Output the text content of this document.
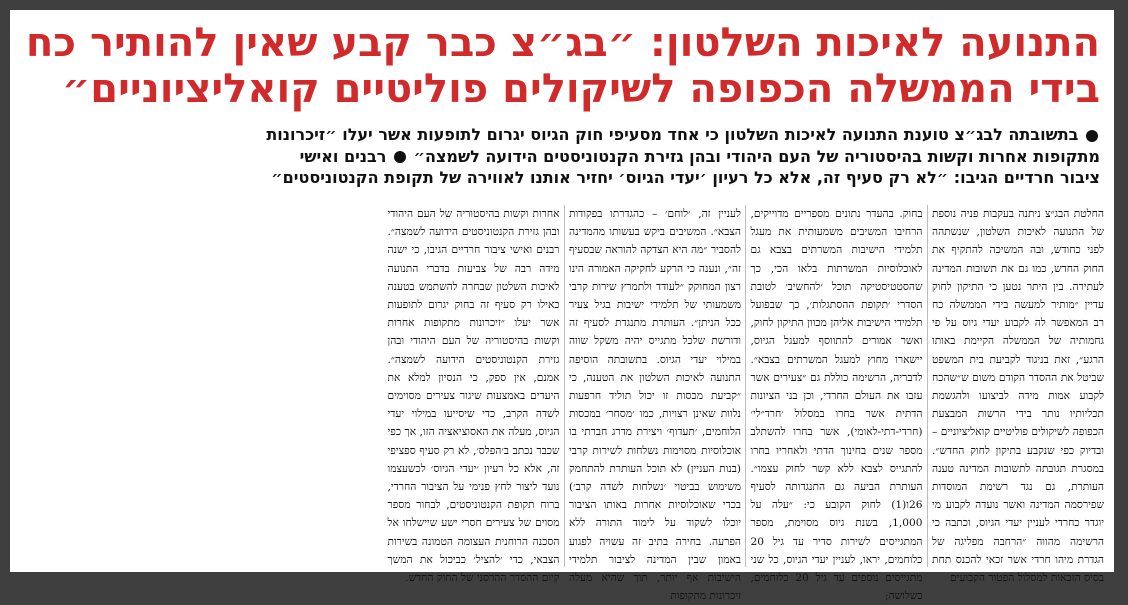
התנועה לאיכות השלטון: ״בג״צ כבר קבע שאין להותיר כח
בידי הממשלה הכפופה לשיקולים פוליטיים קואליציוניים״
בתשובתה לבג״צ טוענת התנועה לאיכות השלטון כי אחד מסעיפי חוק הגיוס יגרום לתופעות אשר יעלו ״זיכרונות
מתקופות אחרות וקשות בהיסטוריה של העם היהודי ובהן גזירת הקנטוניסטים הידועה לשמצה״  רבנים ואישי
ציבור חרדיים הגיבו: ״לא רק סעיף זה, אלא כל רעיון ׳יעדי הגיוס׳ יחזיר אותנו לאווירה של תקופת הקנטוניסטים״

החלטת הבג״צ ניתנה בעקבות פניה נוספת של התנועה לאיכות השלטון, שנשתהה לפני כחודש, ובה המשיכה להתקיף את החוק החדש, כמו גם את תשובות המדינה לעתירה. בין היתר נטען כי התיקון לחוק עדיין ״מותיר למעשה בידי הממשלה כח רב המאפשר לה לקבוע יעדי גיוס על פי גחמותיה של הממשלה הקיימת באותו הרגע״, זאת בניגוד לקביעת בית המשפט שביטל את ההסדר הקודם משום ש״שהכח לקבוע אמות מידה לביצועו ולהגשמת תכליותיו נותר בידי הרשות המבצעת הכפופה לשיקולים פוליטיים קואליציוניים – ובדיוק כפי שנקבע בתיקון לחוק החדש״. במסגרת תגובתה לתשובות המדינה טענה העותרת, גם נגד רשימת המוסדות שפירסמה המדינה ואשר נועדה לקבוע מי יוגדר כחרדי לעניין יעדי הגיוס, וכתבה כי הרשימה מהווה ״הרחבה מפליגה של הגדרת מיהו חרדי אשר זכאי להכנס תחת בסיס הזכאות למסלול הפטור הקבועים

בחוק. בהעדר נתונים מספריים מדוייקים, הרחיבו המשיבים משמעותית את מעגל תלמידי הישיבות המשרתים בצבא גם לאוכלוסיות המשרתות בלאו הכי, כך שהסטטיסטיקה תוכל ׳להחשיב׳ לטובת הסדרי ׳תקופת ההסתגלות׳, כך שבפועל תלמידי הישיבות אליהן מכוון התיקון לחוק, ואשר אמורים להתווסף למעגל הגיוס, יישארו מחוץ למעגל המשרתים בצבא״. לדבריה, הרשימה כוללת גם ״צעירים אשר עזבו את העולם החרדי, וכן בני הציונות הדתית אשר בחרו במסלול ׳חרד״לי׳ (חרדי-דתי-לאומי), אשר בחרו להשתלב מספר שנים בחינוך הדתי ולאחריו בחרו להתגייס לצבא ללא קשר לחוק עצמו״. העותרת הביעה גם התנגדותה לסעיף 26ו(1) לחוק הקובע כי: ״עלה על 1,000, בשנת גיוס מסוימת, מספר המתגייסים לשירות סדיר עד גיל 20 כלוחמים, יראו, לעניין יעדי הגיוס, כל שני מתגייסים נוספים עד גיל 20 כלוחמים, כשלושה;

לעניין זה, ׳לוחם׳ – כהגדרתו בפקודות הצבא״. המשיבים ביקש בעשותו מהמדינה להסביר ״מה היא הצדקה להוראה שבסעיף זה״, ונענה כי הרקע לחקיקה האמורה הינו רצון המחוקק ״לעודד ולתמרץ שירות קרבי משמעותי של תלמידי ישיבות בגיל צעיר ככל הניתן״. העותרת מתנגדת לסעיף זה ודורשת שלכל מתגייס יהיה משקל שווה במילוי יעדי הגיוס. בתשובתה הוסיפה התנועה לאיכות השלטון את הטענה, כי ״קביעת מכסות זו יכול תוליד חרפעות נלוות שאינן רצויות, כמו ׳מסחר׳ במכסות הלוחמים, ׳תעדוף׳ ויצירת מדרג חברתי בו אוכלוסיות מסוימות נשלחות לשירות קרבי (בנות העניין) לא תוכל העותרת להתחמק משימוש בביטוי ׳נשלחות לשדה קרב׳) בכדי שאוכלוסיות אחרות באותו הציבור יוכלו לשקוד על לימוד התורה ללא הפרעה. בחירה בתיב זה עשויה לפגוע באמון שבין המדינה לציבור תלמידי הישיבות אף יותר, תוך שהיא מעלה זיכרונות מתקופות

אחרות וקשות בהיסטוריה של העם היהודי ובהן גזירת הקנטוניסטים הידועה לשמצה״. רבנים ואישי ציבור חרדיים הגיבו, כי ישנה מידה רבה של צביעות בדברי התנועה לאיכות השלטון שבחרה להשתמש בטענה כאילו רק סעיף זה בחוק יגרום לתופעות אשר יעלו ״זיכרונות מתקופות אחרות וקשות בהיסטוריה של העם היהודי ובהן גזירת הקנטוניסטים הידועה לשמצה״. אמנם, אין ספק, כי הנסיון למלא את היעדים באמצעות שיגור צעירים מסוימים לשדה הקרב, כדי שיסייעו במילוי יעדי הגיוס, מעלה את האסוציאציה הזו, אך כפי שכבר נכתב ב׳הפלס׳, לא רק סעיף ספציפי זה, אלא כל רעיון ׳יעדי הגיוס׳ לכשעצמו נועד ליצור לחץ פנימי על הציבור החרדי, ברוח תקופת הקנטוניסטים, לבחור מספר מסוים של צעירים חסרי ישע שיישלחו אל הסכנה הרוחנית העצומה הטמונה בשירות הצבאי, כדי ׳להציל׳ כביכול את המשך קיום ההסדר ההרסני של החוק החדש.
